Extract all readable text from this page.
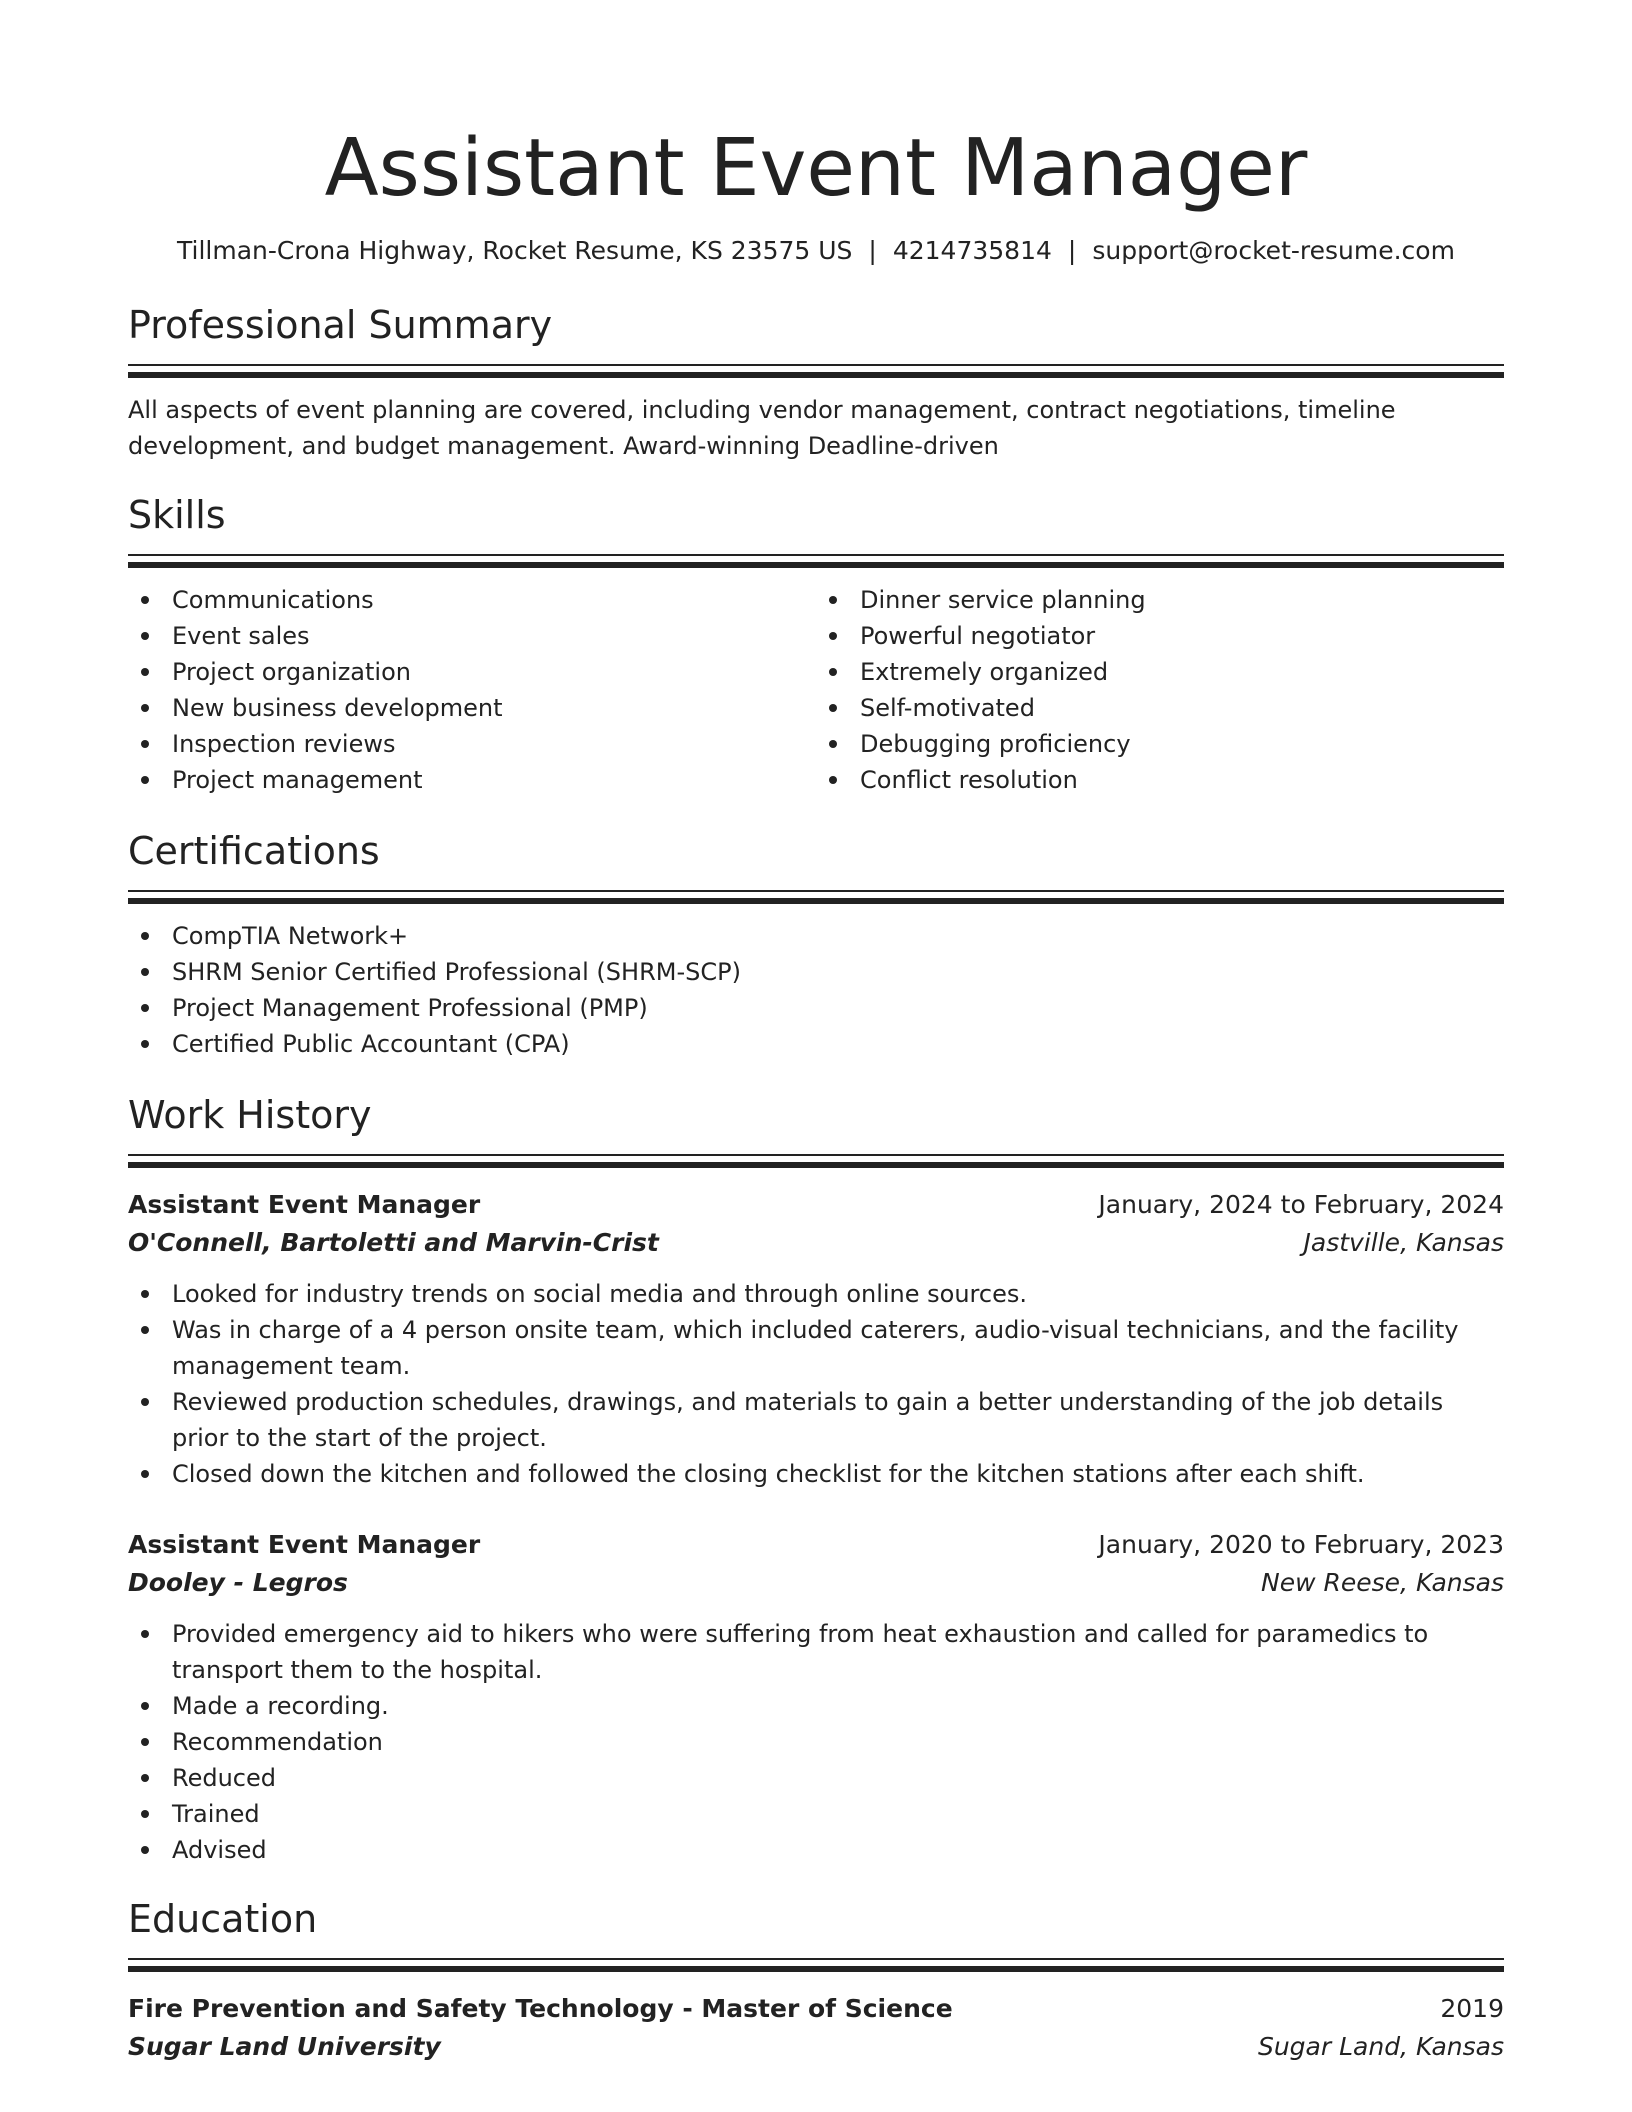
Assistant Event Manager
Tillman-Crona Highway, Rocket Resume, KS 23575 US | 4214735814 | support@rocket-resume.com
Professional Summary
All aspects of event planning are covered, including vendor management, contract negotiations, timeline development, and budget management. Award-winning Deadline-driven
Skills
Communications
Event sales
Project organization
New business development
Inspection reviews
Project management
Dinner service planning
Powerful negotiator
Extremely organized
Self-motivated
Debugging proficiency
Conflict resolution
Certifications
CompTIA Network+
SHRM Senior Certified Professional (SHRM-SCP)
Project Management Professional (PMP)
Certified Public Accountant (CPA)
Work History
Assistant Event Manager	January, 2024 to February, 2024
O'Connell, Bartoletti and Marvin-Crist	Jastville, Kansas
Looked for industry trends on social media and through online sources.
Was in charge of a 4 person onsite team, which included caterers, audio-visual technicians, and the facility management team.
Reviewed production schedules, drawings, and materials to gain a better understanding of the job details prior to the start of the project.
Closed down the kitchen and followed the closing checklist for the kitchen stations after each shift.
Assistant Event Manager	January, 2020 to February, 2023
Dooley - Legros	New Reese, Kansas
Provided emergency aid to hikers who were suffering from heat exhaustion and called for paramedics to transport them to the hospital.
Made a recording.
Recommendation
Reduced
Trained
Advised
Education
Fire Prevention and Safety Technology - Master of Science	2019
Sugar Land University	Sugar Land, Kansas
